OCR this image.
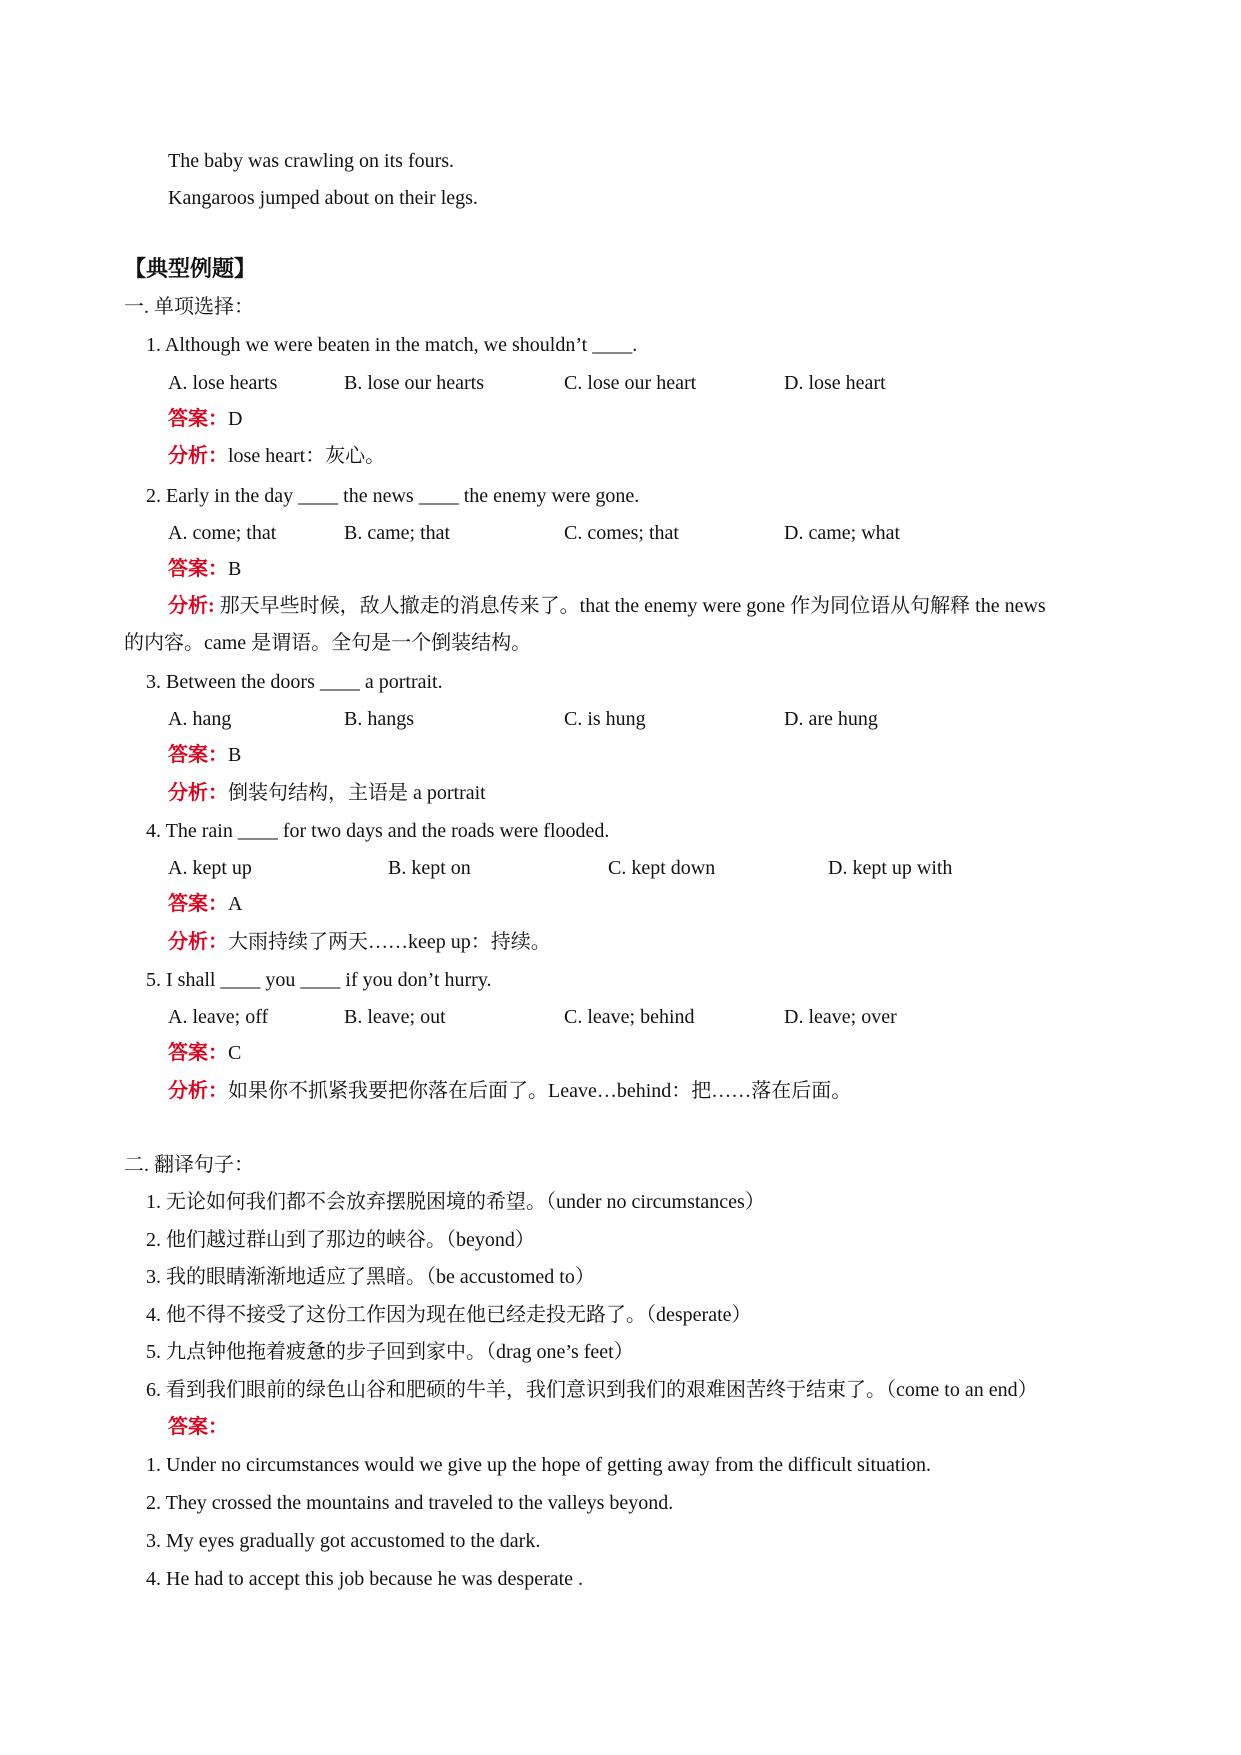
The baby was crawling on its fours.
Kangaroos jumped about on their legs.
【典型例题】
一. 单项选择：
1. Although we were beaten in the match, we shouldn’t ____.
A. lose hearts	B. lose our hearts	C. lose our heart	D. lose heart
答案：D
分析：lose heart：灰心。
2. Early in the day ____ the news ____ the enemy were gone.
A. come; that	B. came; that	C. comes; that	D. came; what
答案：B
分析: 那天早些时候，敌人撤走的消息传来了。that the enemy were gone 作为同位语从句解释 the news
的内容。came 是谓语。全句是一个倒装结构。
3. Between the doors ____ a portrait.
A. hang	B. hangs	C. is hung	D. are hung
答案：B
分析：倒装句结构，主语是 a portrait
4. The rain ____ for two days and the roads were flooded.
A. kept up	B. kept on	C. kept down	D. kept up with
答案：A
分析：大雨持续了两天……keep up：持续。
5. I shall ____ you ____ if you don’t hurry.
A. leave; off	B. leave; out	C. leave; behind	D. leave; over
答案：C
分析：如果你不抓紧我要把你落在后面了。Leave…behind：把……落在后面。
二. 翻译句子：
1. 无论如何我们都不会放弃摆脱困境的希望。（under no circumstances）
2. 他们越过群山到了那边的峡谷。（beyond）
3. 我的眼睛渐渐地适应了黑暗。（be accustomed to）
4. 他不得不接受了这份工作因为现在他已经走投无路了。（desperate）
5. 九点钟他拖着疲惫的步子回到家中。（drag one’s feet）
6. 看到我们眼前的绿色山谷和肥硕的牛羊，我们意识到我们的艰难困苦终于结束了。（come to an end）
答案：
1. Under no circumstances would we give up the hope of getting away from the difficult situation.
2. They crossed the mountains and traveled to the valleys beyond.
3. My eyes gradually got accustomed to the dark.
4. He had to accept this job because he was desperate .
